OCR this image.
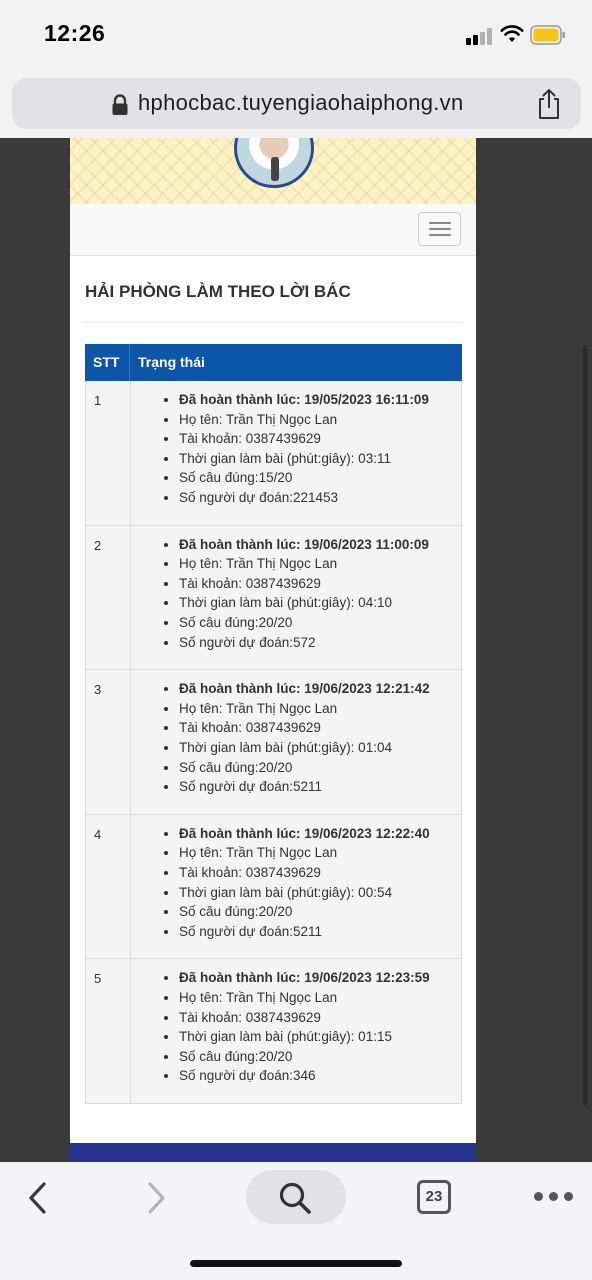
12:26
hphocbac.tuyengiaohaiphong.vn
HẢI PHÒNG LÀM THEO LỜI BÁC
STT	Trạng thái
1	• Đã hoàn thành lúc: 19/05/2023 16:11:09
• Họ tên: Trần Thị Ngọc Lan
• Tài khoản: 0387439629
• Thời gian làm bài (phút:giây): 03:11
• Số câu đúng:15/20
• Số người dự đoán:221453
2	• Đã hoàn thành lúc: 19/06/2023 11:00:09
• Họ tên: Trần Thị Ngọc Lan
• Tài khoản: 0387439629
• Thời gian làm bài (phút:giây): 04:10
• Số câu đúng:20/20
• Số người dự đoán:572
3	• Đã hoàn thành lúc: 19/06/2023 12:21:42
• Họ tên: Trần Thị Ngọc Lan
• Tài khoản: 0387439629
• Thời gian làm bài (phút:giây): 01:04
• Số câu đúng:20/20
• Số người dự đoán:5211
4	• Đã hoàn thành lúc: 19/06/2023 12:22:40
• Họ tên: Trần Thị Ngọc Lan
• Tài khoản: 0387439629
• Thời gian làm bài (phút:giây): 00:54
• Số câu đúng:20/20
• Số người dự đoán:5211
5	• Đã hoàn thành lúc: 19/06/2023 12:23:59
• Họ tên: Trần Thị Ngọc Lan
• Tài khoản: 0387439629
• Thời gian làm bài (phút:giây): 01:15
• Số câu đúng:20/20
• Số người dự đoán:346
23
